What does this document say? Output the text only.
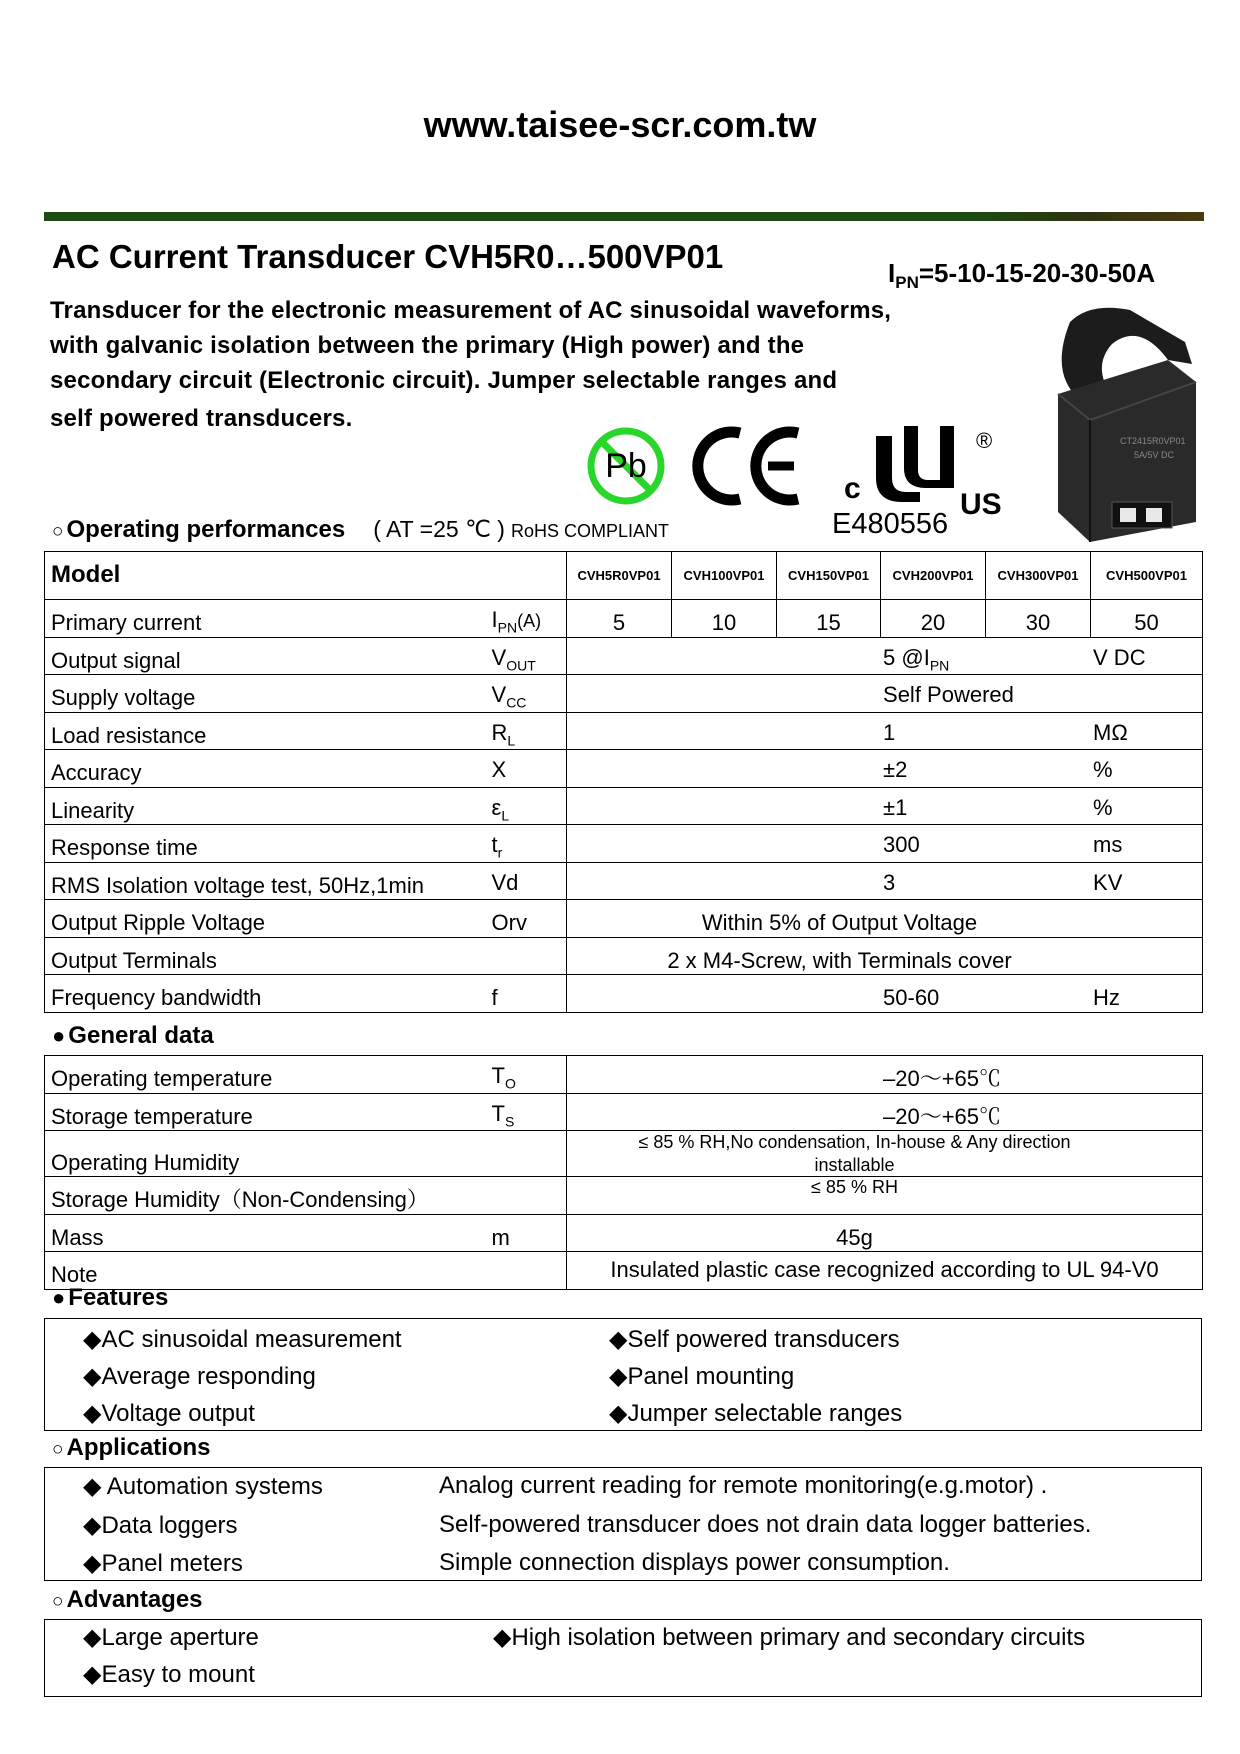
www.taisee-scr.com.tw
AC Current Transducer CVH5R0…500VP01	$I_{PN}=5-10-15-20-30-50A$
Transducer for the electronic measurement of AC sinusoidal waveforms,
with galvanic isolation between the primary (High power) and the
secondary circuit (Electronic circuit). Jumper selectable ranges and
self powered transducers.
Pb
c	US
®
E480556
CT2415R0VP01
5A/5V DC
○ Operating performances ( AT =25 ℃ ) RoHS COMPLIANT
Model		CVH5R0VP01	CVH100VP01	CVH150VP01	CVH200VP01	CVH300VP01	CVH500VP01
Primary current	$I_{PN}(A)$	5	10	15	20	30	50
Output signal	$V_{OUT}$	5 $@I_{PN}$ V DC					
Supply voltage	$V_{CC}$	Self Powered					
Load resistance	$R_L$	1 MΩ					
Accuracy	X	±2 %					
Linearity	$\varepsilon_L$	±1 %					
Response time	$t_r$	300 ms					
RMS Isolation voltage test, 50Hz,1min	Vd	3 KV					
Output Ripple Voltage	Orv	Within 5% of Output Voltage					
Output Terminals		2 x M4-Screw, with Terminals cover					
Frequency bandwidth	f	50-60 Hz					
● General data
Operating temperature	$T_O$	–20～+65℃
Storage temperature	$T_S$	–20～+65℃
Operating Humidity		≤ 85 % RH,No condensation, In-house & Any direction
installable

Storage Humidity（Non-Condensing）		≤ 85 % RH
Mass	m	45g
Note		Insulated plastic case recognized according to UL 94-V0
● Features
◆AC sinusoidal measurement
◆Average responding
◆Voltage output
◆Self powered transducers
◆Panel mounting
◆Jumper selectable ranges
○ Applications
◆ Automation systems	Analog current reading for remote monitoring(e.g.motor) .
◆Data loggers	Self-powered transducer does not drain data logger batteries.
◆Panel meters	Simple connection displays power consumption.
○ Advantages
◆Large aperture
◆Easy to mount
◆High isolation between primary and secondary circuits
